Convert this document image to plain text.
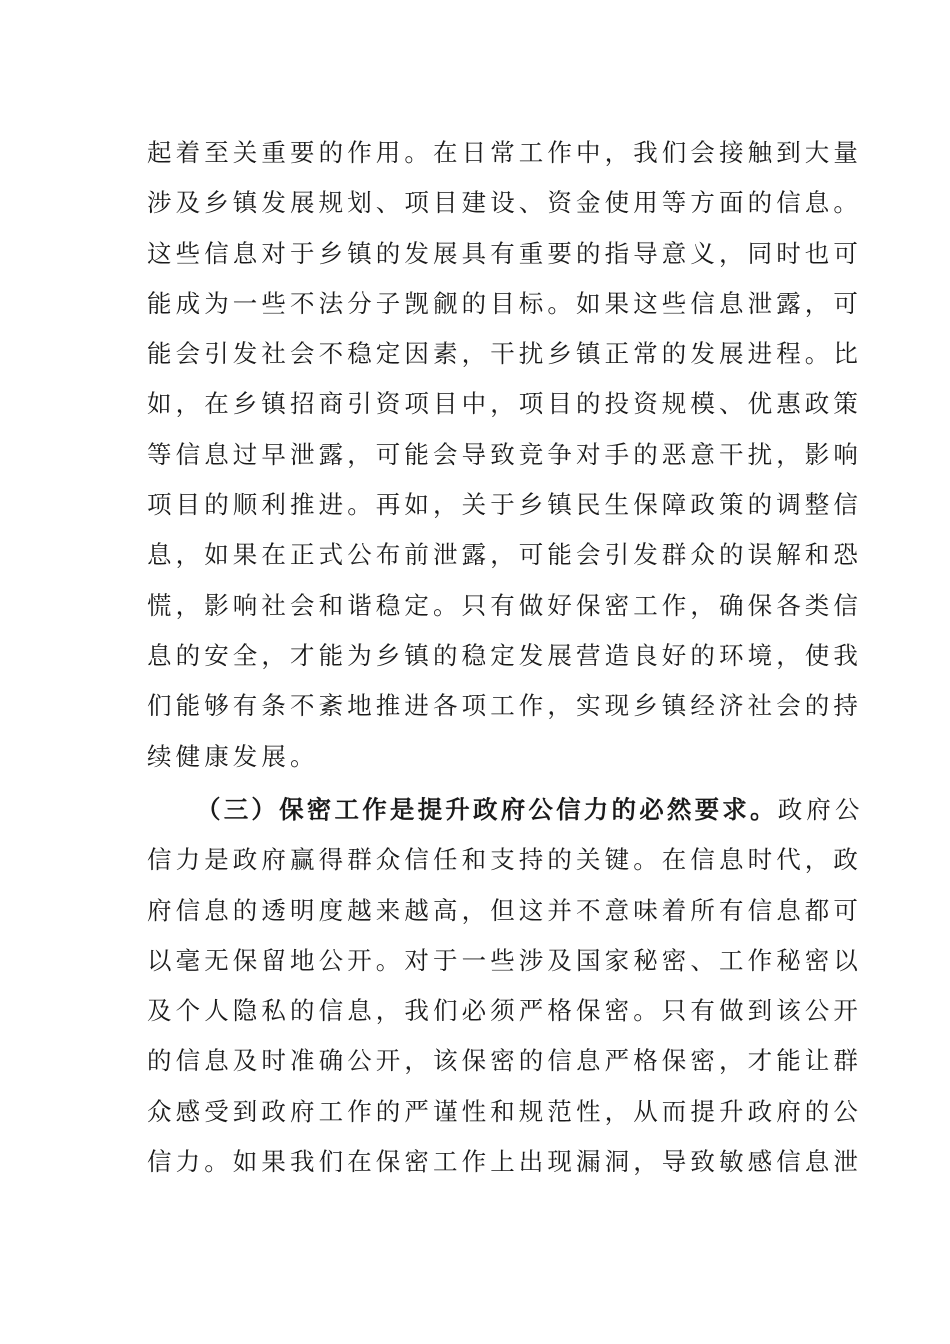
起着至关重要的作用。在日常工作中，我们会接触到大量
涉及乡镇发展规划、项目建设、资金使用等方面的信息。
这些信息对于乡镇的发展具有重要的指导意义，同时也可
能成为一些不法分子觊觎的目标。如果这些信息泄露，可
能会引发社会不稳定因素，干扰乡镇正常的发展进程。比
如，在乡镇招商引资项目中，项目的投资规模、优惠政策
等信息过早泄露，可能会导致竞争对手的恶意干扰，影响
项目的顺利推进。再如，关于乡镇民生保障政策的调整信
息，如果在正式公布前泄露，可能会引发群众的误解和恐
慌，影响社会和谐稳定。只有做好保密工作，确保各类信
息的安全，才能为乡镇的稳定发展营造良好的环境，使我
们能够有条不紊地推进各项工作，实现乡镇经济社会的持
续健康发展。
（三）保密工作是提升政府公信力的必然要求。政府公
信力是政府赢得群众信任和支持的关键。在信息时代，政
府信息的透明度越来越高，但这并不意味着所有信息都可
以毫无保留地公开。对于一些涉及国家秘密、工作秘密以
及个人隐私的信息，我们必须严格保密。只有做到该公开
的信息及时准确公开，该保密的信息严格保密，才能让群
众感受到政府工作的严谨性和规范性，从而提升政府的公
信力。如果我们在保密工作上出现漏洞，导致敏感信息泄
